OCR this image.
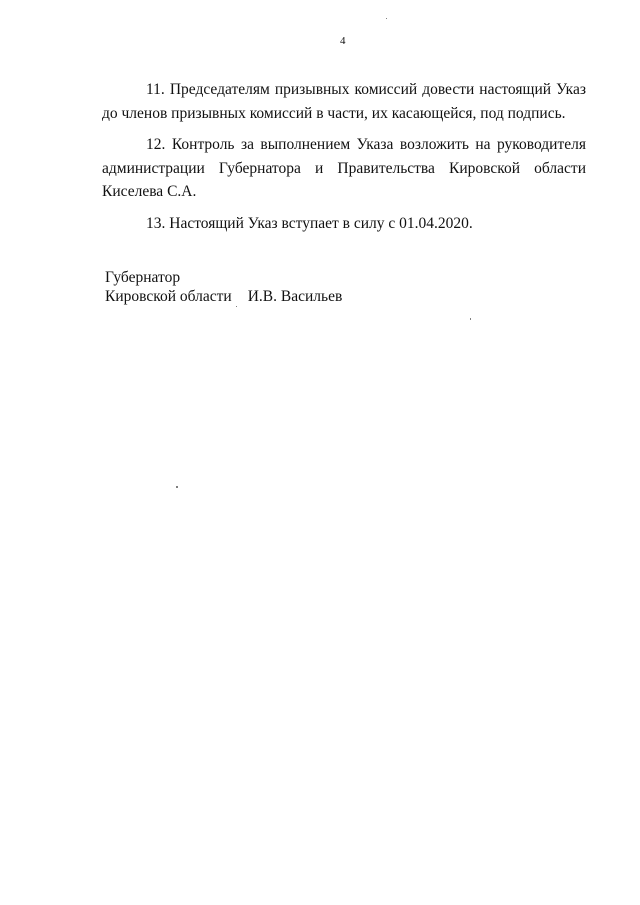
4
11. Председателям призывных комиссий довести настоящий Указ
до членов призывных комиссий в части, их касающейся, под подпись.
12. Контроль за выполнением Указа возложить на руководителя
администрации Губернатора и Правительства Кировской области
Киселева С.А.
13. Настоящий Указ вступает в силу с 01.04.2020.
Губернатор
Кировской области И.В. Васильев
